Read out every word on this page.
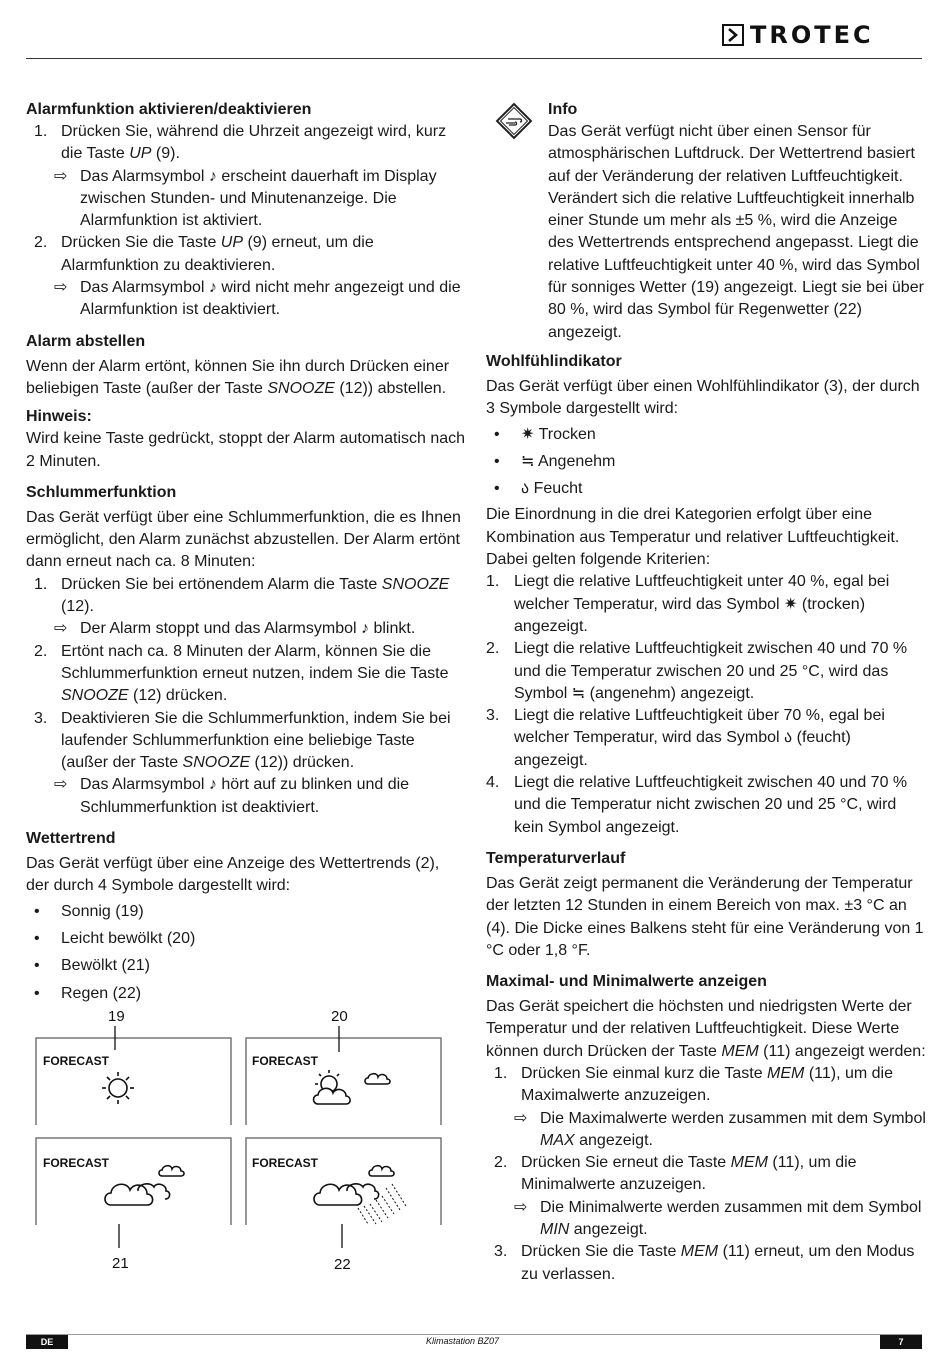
TROTEC

Alarmfunktion aktivieren/deaktivieren

1. Drücken Sie, während die Uhrzeit angezeigt wird, kurz die Taste UP (9).
⇨ Das Alarmsymbol ♪ erscheint dauerhaft im Display zwischen Stunden- und Minutenanzeige. Die Alarmfunktion ist aktiviert.
2. Drücken Sie die Taste UP (9) erneut, um die Alarmfunktion zu deaktivieren.
⇨ Das Alarmsymbol ♪ wird nicht mehr angezeigt und die Alarmfunktion ist deaktiviert.

Alarm abstellen

Wenn der Alarm ertönt, können Sie ihn durch Drücken einer beliebigen Taste (außer der Taste SNOOZE (12)) abstellen.

Hinweis:

Wird keine Taste gedrückt, stoppt der Alarm automatisch nach 2 Minuten.

Schlummerfunktion

Das Gerät verfügt über eine Schlummerfunktion, die es Ihnen ermöglicht, den Alarm zunächst abzustellen. Der Alarm ertönt dann erneut nach ca. 8 Minuten:

1. Drücken Sie bei ertönendem Alarm die Taste SNOOZE (12).
⇨ Der Alarm stoppt und das Alarmsymbol ♪ blinkt.
2. Ertönt nach ca. 8 Minuten der Alarm, können Sie die Schlummerfunktion erneut nutzen, indem Sie die Taste SNOOZE (12) drücken.
3. Deaktivieren Sie die Schlummerfunktion, indem Sie bei laufender Schlummerfunktion eine beliebige Taste (außer der Taste SNOOZE (12)) drücken.
⇨ Das Alarmsymbol ♪ hört auf zu blinken und die Schlummerfunktion ist deaktiviert.

Wettertrend

Das Gerät verfügt über eine Anzeige des Wettertrends (2), der durch 4 Symbole dargestellt wird:

• Sonnig (19)
• Leicht bewölkt (20)
• Bewölkt (21)
• Regen (22)
FORECAST	FORECAST
FORECAST	FORECAST
19	20
21	22

Info

Das Gerät verfügt nicht über einen Sensor für atmosphärischen Luftdruck. Der Wettertrend basiert auf der Veränderung der relativen Luftfeuchtigkeit. Verändert sich die relative Luftfeuchtigkeit innerhalb einer Stunde um mehr als ±5 %, wird die Anzeige des Wettertrends entsprechend angepasst. Liegt die relative Luftfeuchtigkeit unter 40 %, wird das Symbol für sonniges Wetter (19) angezeigt. Liegt sie bei über 80 %, wird das Symbol für Regenwetter (22) angezeigt.

Wohlfühlindikator

Das Gerät verfügt über einen Wohlfühlindikator (3), der durch 3 Symbole dargestellt wird:

• ✷ Trocken
• ≒ Angenehm
• ა Feucht

Die Einordnung in die drei Kategorien erfolgt über eine Kombination aus Temperatur und relativer Luftfeuchtigkeit. Dabei gelten folgende Kriterien:

1. Liegt die relative Luftfeuchtigkeit unter 40 %, egal bei welcher Temperatur, wird das Symbol ✷ (trocken) angezeigt.
2. Liegt die relative Luftfeuchtigkeit zwischen 40 und 70 % und die Temperatur zwischen 20 und 25 °C, wird das Symbol ≒ (angenehm) angezeigt.
3. Liegt die relative Luftfeuchtigkeit über 70 %, egal bei welcher Temperatur, wird das Symbol ა (feucht) angezeigt.
4. Liegt die relative Luftfeuchtigkeit zwischen 40 und 70 % und die Temperatur nicht zwischen 20 und 25 °C, wird kein Symbol angezeigt.

Temperaturverlauf

Das Gerät zeigt permanent die Veränderung der Temperatur der letzten 12 Stunden in einem Bereich von max. ±3 °C an (4). Die Dicke eines Balkens steht für eine Veränderung von 1 °C oder 1,8 °F.

Maximal- und Minimalwerte anzeigen

Das Gerät speichert die höchsten und niedrigsten Werte der Temperatur und der relativen Luftfeuchtigkeit. Diese Werte können durch Drücken der Taste MEM (11) angezeigt werden:

1. Drücken Sie einmal kurz die Taste MEM (11), um die Maximalwerte anzuzeigen.
⇨ Die Maximalwerte werden zusammen mit dem Symbol MAX angezeigt.
2. Drücken Sie erneut die Taste MEM (11), um die Minimalwerte anzuzeigen.
⇨ Die Minimalwerte werden zusammen mit dem Symbol MIN angezeigt.
3. Drücken Sie die Taste MEM (11) erneut, um den Modus zu verlassen.
DE	Klimastation BZ07	7
